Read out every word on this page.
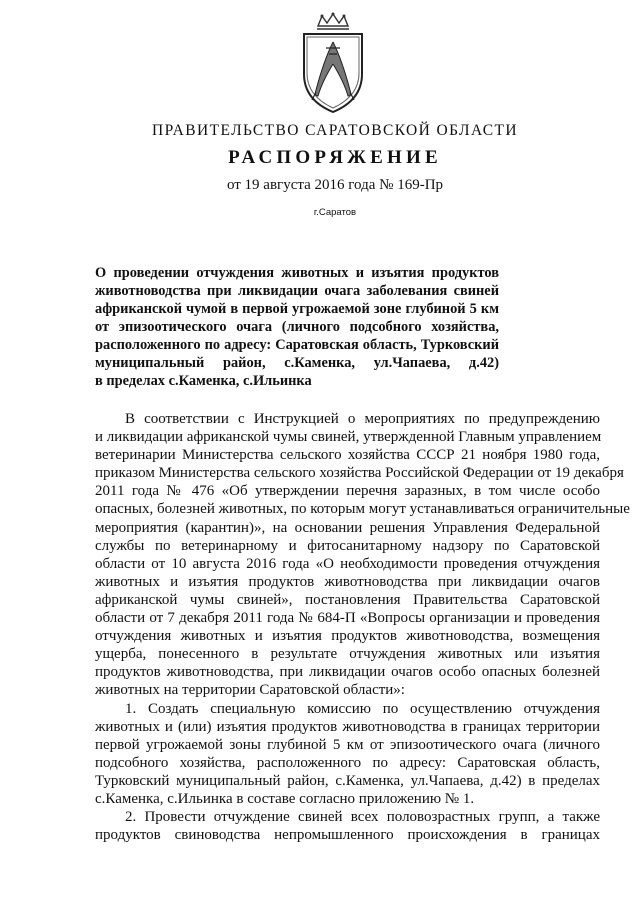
ПРАВИТЕЛЬСТВО САРАТОВСКОЙ ОБЛАСТИ
РАСПОРЯЖЕНИЕ
от 19 августа 2016 года № 169-Пр
г.Саратов
О проведении отчуждения животных и изъятия продуктов
животноводства при ликвидации очага заболевания свиней
африканской чумой в первой угрожаемой зоне глубиной 5 км
от эпизоотического очага (личного подсобного хозяйства,
расположенного по адресу: Саратовская область, Турковский
муниципальный район, с.Каменка, ул.Чапаева, д.42)
в пределах с.Каменка, с.Ильинка
В соответствии с Инструкцией о мероприятиях по предупреждению
и ликвидации африканской чумы свиней, утвержденной Главным управлением
ветеринарии Министерства сельского хозяйства СССР 21 ноября 1980 года,
приказом Министерства сельского хозяйства Российской Федерации от 19 декабря
2011 года № 476 «Об утверждении перечня заразных, в том числе особо
опасных, болезней животных, по которым могут устанавливаться ограничительные
мероприятия (карантин)», на основании решения Управления Федеральной
службы по ветеринарному и фитосанитарному надзору по Саратовской
области от 10 августа 2016 года «О необходимости проведения отчуждения
животных и изъятия продуктов животноводства при ликвидации очагов
африканской чумы свиней», постановления Правительства Саратовской
области от 7 декабря 2011 года № 684-П «Вопросы организации и проведения
отчуждения животных и изъятия продуктов животноводства, возмещения
ущерба, понесенного в результате отчуждения животных или изъятия
продуктов животноводства, при ликвидации очагов особо опасных болезней
животных на территории Саратовской области»:
1. Создать специальную комиссию по осуществлению отчуждения
животных и (или) изъятия продуктов животноводства в границах территории
первой угрожаемой зоны глубиной 5 км от эпизоотического очага (личного
подсобного хозяйства, расположенного по адресу: Саратовская область,
Турковский муниципальный район, с.Каменка, ул.Чапаева, д.42) в пределах
с.Каменка, с.Ильинка в составе согласно приложению № 1.
2. Провести отчуждение свиней всех половозрастных групп, а также
продуктов свиноводства непромышленного происхождения в границах
